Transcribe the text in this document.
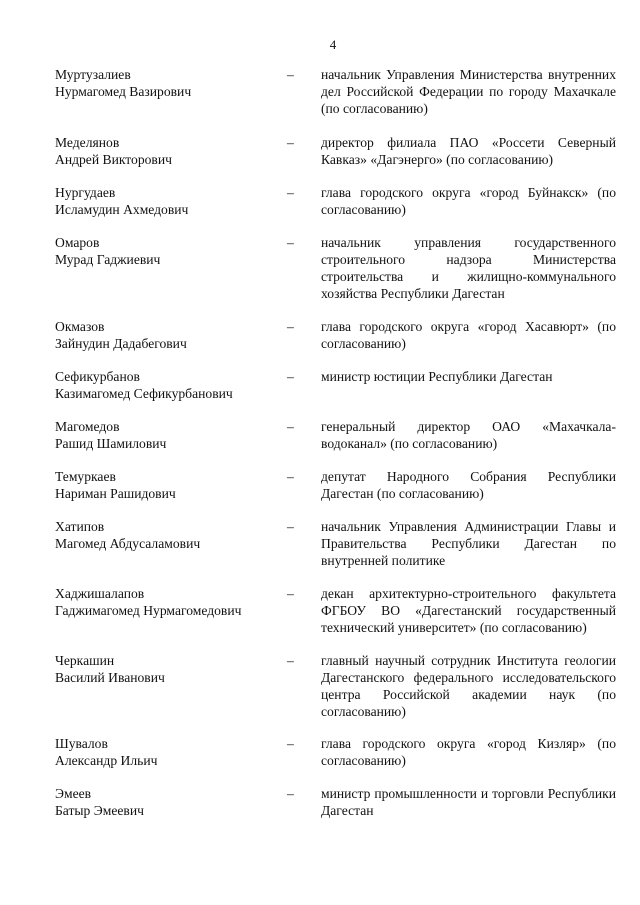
4
Муртузалиев
Нурмагомед Вазирович
– начальник Управления Министерства внутренних дел Российской Федерации по городу Махачкале (по согласованию)
Меделянов
Андрей Викторович
– директор филиала ПАО «Россети Северный Кавказ» «Дагэнерго» (по согласованию)
Нургудаев
Исламудин Ахмедович
– глава городского округа «город Буйнакск» (по согласованию)
Омаров
Мурад Гаджиевич
– начальник управления государственного строительного надзора Министерства строительства и жилищно-коммунального хозяйства Республики Дагестан
Окмазов
Зайнудин Дадабегович
– глава городского округа «город Хасавюрт» (по согласованию)
Сефикурбанов
Казимагомед Сефикурбанович
– министр юстиции Республики Дагестан
Магомедов
Рашид Шамилович
– генеральный директор ОАО «Махачкала-водоканал» (по согласованию)
Темуркаев
Нариман Рашидович
– депутат Народного Собрания Республики Дагестан (по согласованию)
Хатипов
Магомед Абдусаламович
– начальник Управления Администрации Главы и Правительства Республики Дагестан по внутренней политике
Хаджишалапов
Гаджимагомед Нурмагомедович
– декан архитектурно-строительного факультета ФГБОУ ВО «Дагестанский государственный технический университет» (по согласованию)
Черкашин
Василий Иванович
– главный научный сотрудник Института геологии Дагестанского федерального исследовательского центра Российской академии наук (по согласованию)
Шувалов
Александр Ильич
– глава городского округа «город Кизляр» (по согласованию)
Эмеев
Батыр Эмеевич
– министр промышленности и торговли Республики Дагестан
